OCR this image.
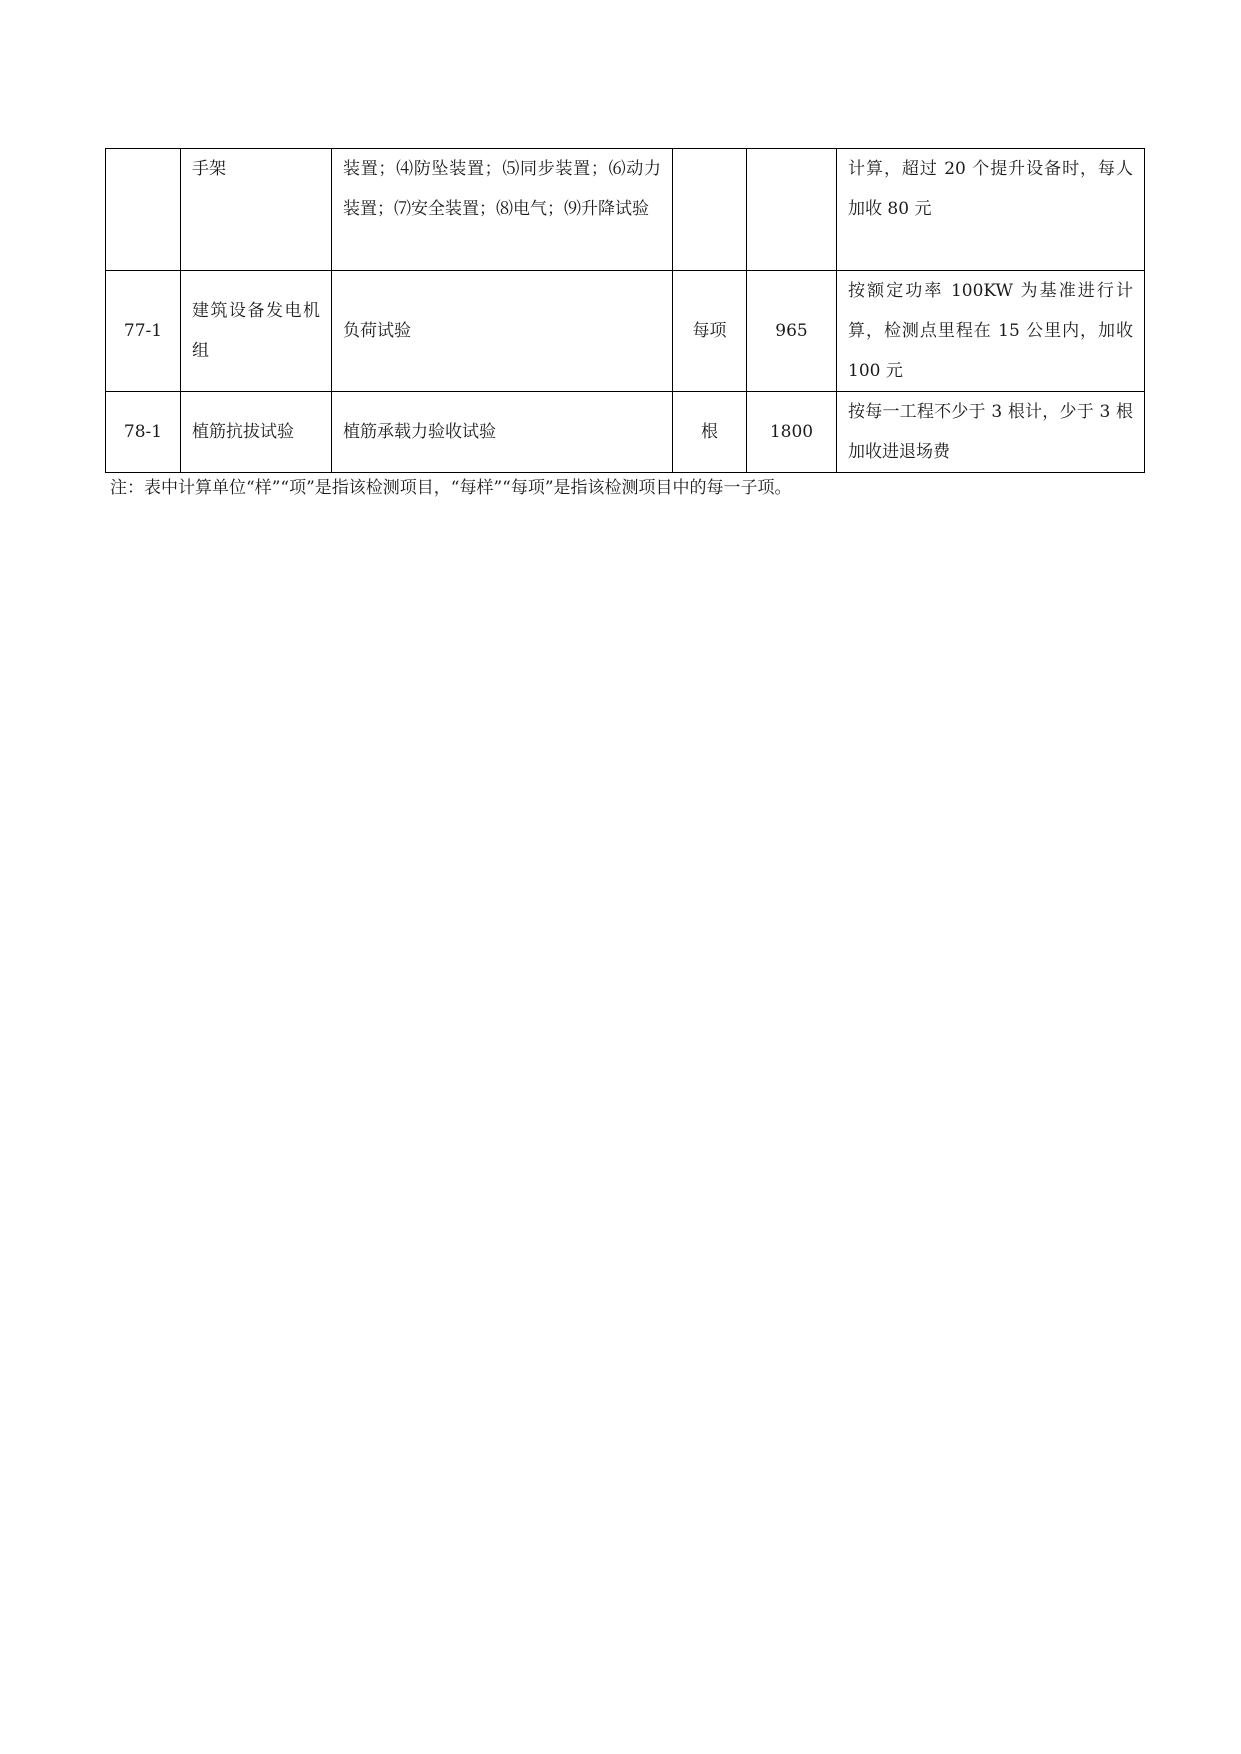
	手架	装置；⑷防坠装置；⑸同步装置；⑹动力装置；⑺安全装置；⑻电气；⑼升降试验			计算，超过 20 个提升设备时，每人加收 80 元
77-1	建筑设备发电机组	负荷试验	每项	965	按额定功率 100KW 为基准进行计算，检测点里程在 15 公里内，加收 100 元
78-1	植筋抗拔试验	植筋承载力验收试验	根	1800	按每一工程不少于 3 根计，少于 3 根加收进退场费
注：表中计算单位“样”“项”是指该检测项目，“每样”“每项”是指该检测项目中的每一子项。
